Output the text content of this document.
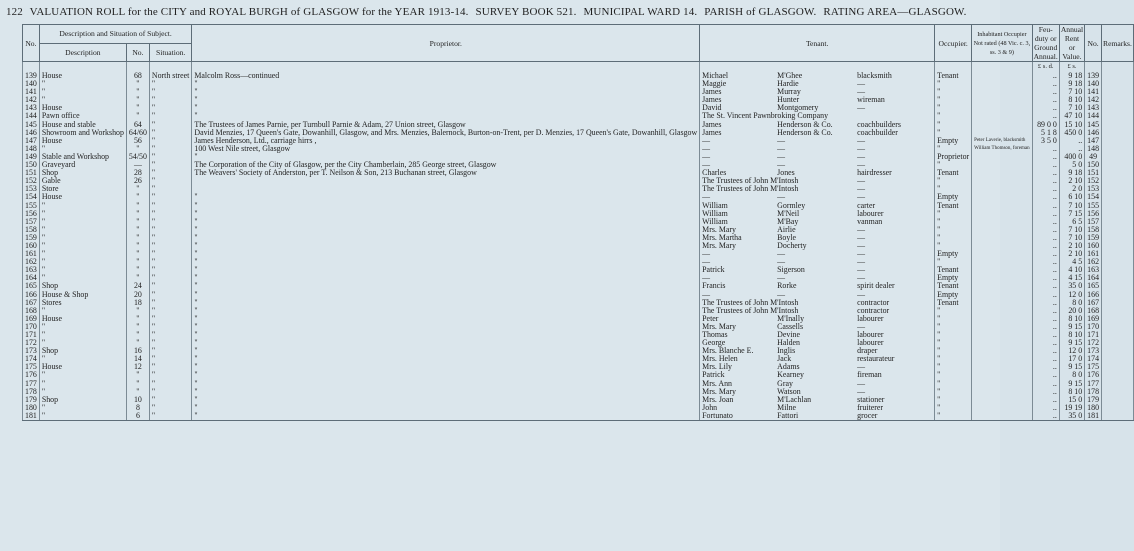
122 VALUATION ROLL for the CITY and ROYAL BURGH of GLASGOW for the YEAR 1913-14. SURVEY BOOK 521. MUNICIPAL WARD 14. PARISH of GLASGOW. RATING AREA—GLASGOW.
No.	Description and Situation of Subject.			Proprietor.	Tenant.	Occupier.	Inhabitant Occupier Not rated (48 Vic. c. 3, ss. 3 & 9)	Feu-duty or Ground Annual.	Annual Rent or Value.	No.	Remarks.
	Description	No.	Situation.								
								£ s. d.	£ s.		
139	House	68	North street	Malcolm Ross—continued	Michael M'Ghee blacksmith	Tenant		..	9 18	139	
140	"	"	"	"	Maggie Hardie —	"		..	9 18	140	
141	"	"	"	"	James Murray —	"		..	7 10	141	
142	"	"	"	"	James Hunter wireman	"		..	8 10	142	
143	House	"	"	"	David Montgomery —	"		..	7 10	143	
144	Pawn office	"	"	"	The St. Vincent Pawnbroking Company	"		..	47 10	144	
145	House and stable	64	"	The Trustees of James Parnie, per Turnbull Parnie & Adam, 27 Union street, Glasgow	James Henderson & Co. coachbuilders	"		89 0 0	15 10	145	
146	Showroom and Workshop	64/60	"	David Menzies, 17 Queen's Gate, Dowanhill, Glasgow, and Mrs. Menzies, Balernock, Burton-on-Trent, per D. Menzies, 17 Queen's Gate, Dowanhill, Glasgow	James Henderson & Co. coachbuilder	"		5 1 8	450 0	146	
147	House	56	"	James Henderson, Ltd., carriage hirrs ,	— — —	Empty	Peter Laverie, blacksmith	3 5 0	..	147	
148	"	"	"	100 West Nile street, Glasgow	— — —	"	William Thomson, foreman	..	..	148	
149	Stable and Workshop	54/50	"	"	— — —	Proprietor		..	400 0	49	
150	Graveyard	—	"	The Corporation of the City of Glasgow, per the City Chamberlain, 285 George street, Glasgow	— — —	"		..	5 0	150	
151	Shop	28	"	The Weavers' Society of Anderston, per T. Neilson & Son, 213 Buchanan street, Glasgow	Charles Jones hairdresser	Tenant		..	9 18	151	
152	Gable	26	"		The Trustees of John M'Intosh —	"		..	2 10	152	
153	Store	"	"		The Trustees of John M'Intosh —	"		..	2 0	153	
154	House	"	"	"	— — —	Empty		..	6 10	154	
155	"	"	"	"	William Gormley carter	Tenant		..	7 10	155	
156	"	"	"	"	William M'Neil labourer	"		..	7 15	156	
157	"	"	"	"	William M'Bay vanman	"		..	6 5	157	
158	"	"	"	"	Mrs. Mary Airlie —	"		..	7 10	158	
159	"	"	"	"	Mrs. Martha Boyle —	"		..	7 10	159	
160	"	"	"	"	Mrs. Mary Docherty —	"		..	2 10	160	
161	"	"	"	"	— — —	Empty		..	2 10	161	
162	"	"	"	"	— — —	"		..	4 5	162	
163	"	"	"	"	Patrick Sigerson —	Tenant		..	4 10	163	
164	"	"	"	"	— — —	Empty		..	4 15	164	
165	Shop	24	"	"	Francis Rorke spirit dealer	Tenant		..	35 0	165	
166	House & Shop	20	"	"	— — —	Empty		..	12 0	166	
167	Stores	18	"	"	The Trustees of John M'Intosh contractor	Tenant		..	8 0	167	
168	"	"	"	"	The Trustees of John M'Intosh contractor	"		..	20 0	168	
169	House	"	"	"	Peter M'Inally labourer	"		..	8 10	169	
170	"	"	"	"	Mrs. Mary Cassells —	"		..	9 15	170	
171	"	"	"	"	Thomas Devine labourer	"		..	8 10	171	
172	"	"	"	"	George Halden labourer	"		..	9 15	172	
173	Shop	16	"	"	Mrs. Blanche E. Inglis draper	"		..	12 0	173	
174	"	14	"	"	Mrs. Helen Jack restaurateur	"		..	17 0	174	
175	House	12	"	"	Mrs. Lily Adams —	"		..	9 15	175	
176	"	"	"	"	Patrick Kearney fireman	"		..	8 0	176	
177	"	"	"	"	Mrs. Ann Gray —	"		..	9 15	177	
178	"	"	"	"	Mrs. Mary Watson —	"		..	8 10	178	
179	Shop	10	"	"	Mrs. Joan M'Lachlan stationer	"		..	15 0	179	
180	"	8	"	"	John Milne fruiterer	"		..	19 19	180	
181	"	6	"	"	Fortunato Fattori grocer	"		..	35 0	181	
